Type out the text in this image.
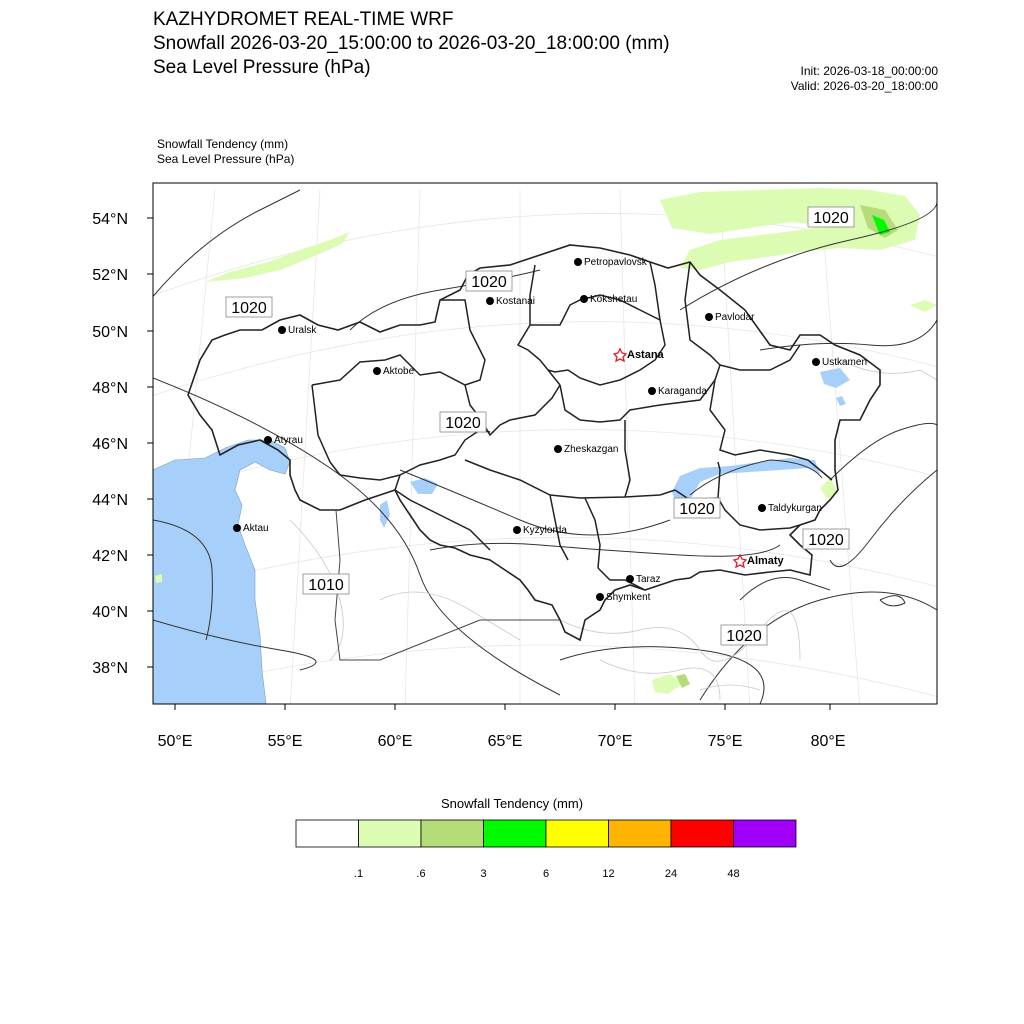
KAZHYDROMET REAL-TIME WRF
Snowfall 2026-03-20_15:00:00 to 2026-03-20_18:00:00 (mm)
Sea Level Pressure (hPa)	Init: 2026-03-18_00:00:00
Valid: 2026-03-20_18:00:00
Snowfall Tendency (mm)
Sea Level Pressure (hPa)
54°N
52°N
50°N
48°N
46°N
44°N
42°N
40°N
38°N
50°E	55°E	60°E	65°E	70°E	75°E	80°E
1020
1020
1020
1020
1020
1020
1020
1010
Petropavlovsk
Kostanai	Kokshetau
Pavlodar
Uralsk
Astana
Aktobe
Ustkamen
Karaganda
Atyrau
Zheskazgan
Aktau
Taldykurgan
Kyzylorda
Almaty
Taraz
Shymkent
.1	.6	3	6	12	24	48
Snowfall Tendency (mm)
